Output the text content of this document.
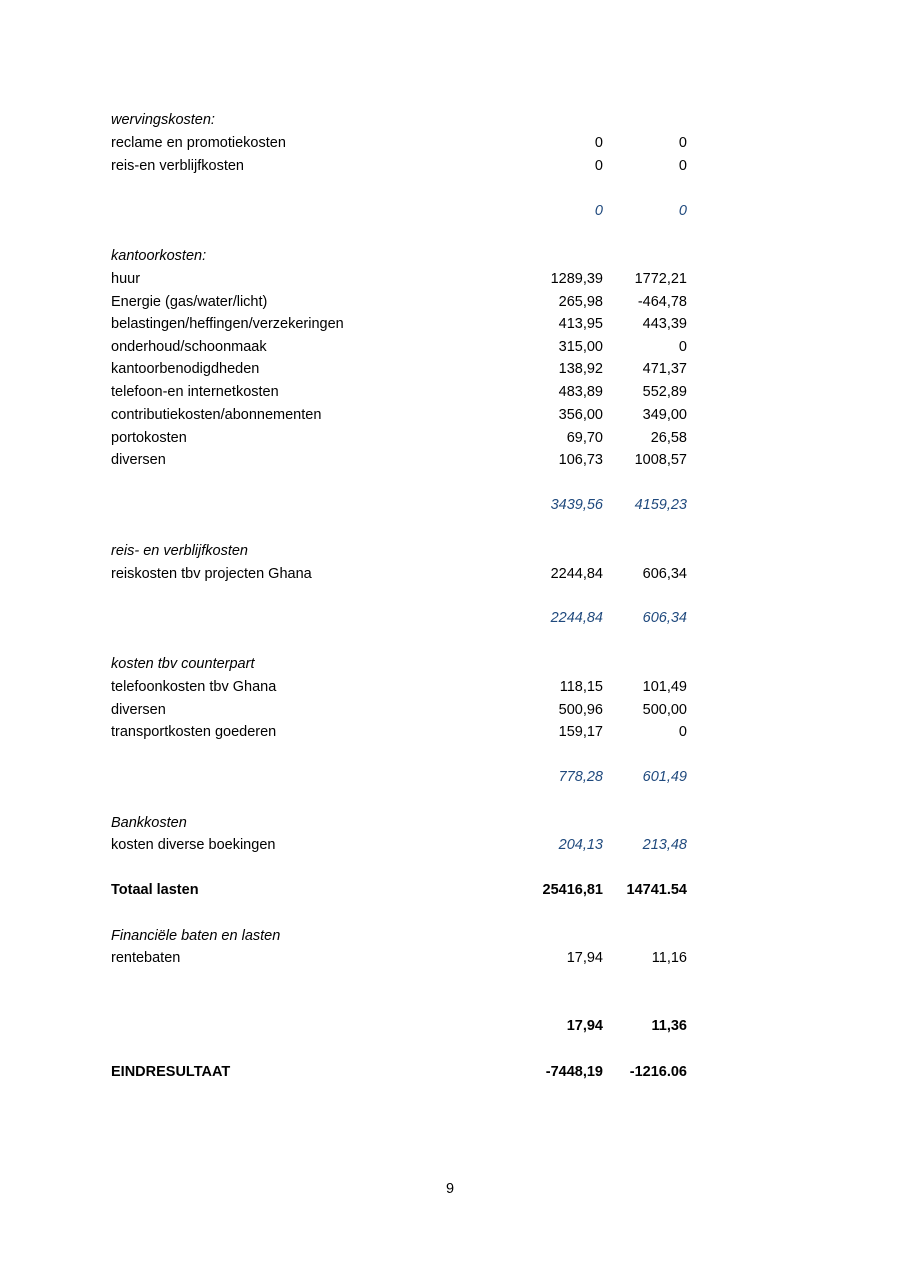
wervingskosten:
reclame en promotiekosten	0	0
reis-en verblijfkosten	0	0
0	0
kantoorkosten:
huur	1289,39 1772,21
Energie (gas/water/licht)	265,98 -464,78
belastingen/heffingen/verzekeringen	413,95	443,39
onderhoud/schoonmaak	315,00	0
kantoorbenodigdheden	138,92	471,37
telefoon-en internetkosten	483,89	552,89
contributiekosten/abonnementen	356,00	349,00
portokosten	69,70	26,58
diversen	106,73 1008,57
3439,56 4159,23
reis- en verblijfkosten
reiskosten tbv projecten Ghana	2244,84	606,34
2244,84	606,34
kosten tbv counterpart
telefoonkosten tbv Ghana	118,15	101,49
diversen	500,96	500,00
transportkosten goederen	159,17	0
778,28	601,49
Bankkosten
kosten diverse boekingen	204,13	213,48
Totaal lasten	25416,81 14741.54
Financiële baten en lasten
rentebaten	17,94	11,16
17,94	11,36
EINDRESULTAAT	-7448,19 -1216.06
9
